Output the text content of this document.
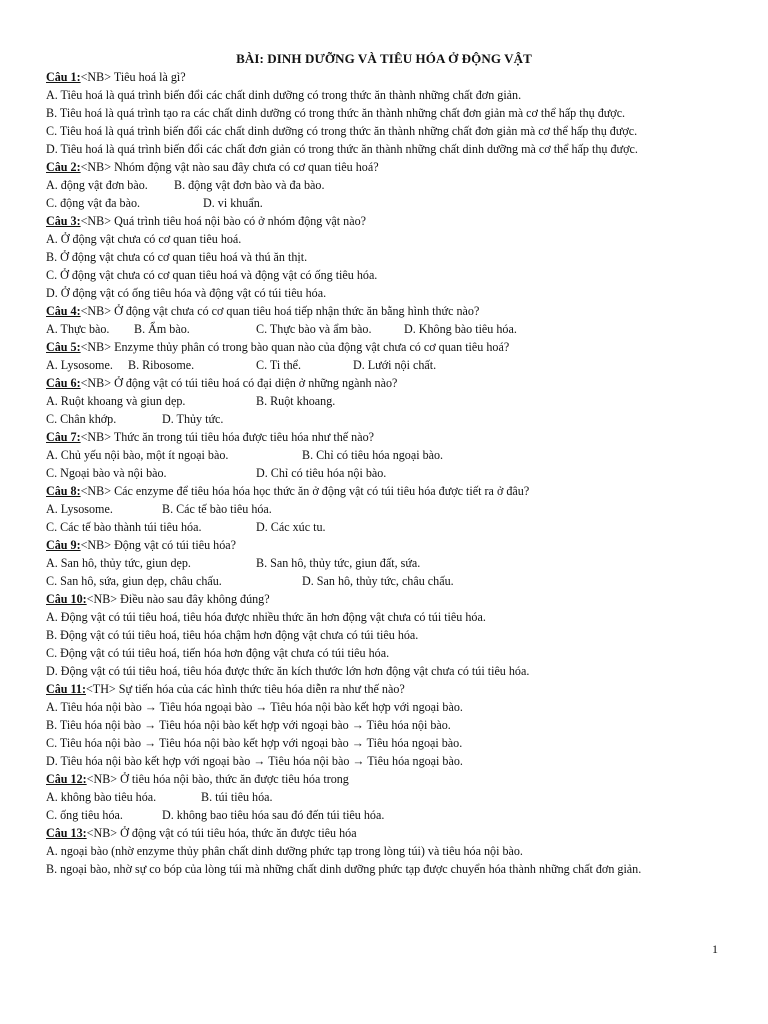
BÀI: DINH DƯỠNG VÀ TIÊU HÓA Ở ĐỘNG VẬT
Câu 1:<NB> Tiêu hoá là gì?
A. Tiêu hoá là quá trình biến đổi các chất dinh dưỡng có trong thức ăn thành những chất đơn giản.
B. Tiêu hoá là quá trình tạo ra các chất dinh dưỡng có trong thức ăn thành những chất đơn giản mà cơ thể hấp thụ được.
C. Tiêu hoá là quá trình biến đổi các chất dinh dưỡng có trong thức ăn thành những chất đơn giản mà cơ thể hấp thụ được.
D. Tiêu hoá là quá trình biến đổi các chất đơn giản có trong thức ăn thành những chất dinh dưỡng mà cơ thể hấp thụ được.
Câu 2:<NB> Nhóm động vật nào sau đây chưa có cơ quan tiêu hoá?
A. động vật đơn bào. B. động vật đơn bào và đa bào.
C. động vật đa bào.	D. vi khuẩn.
Câu 3:<NB> Quá trình tiêu hoá nội bào có ở nhóm động vật nào?
A. Ở động vật chưa có cơ quan tiêu hoá.
B. Ở động vật chưa có cơ quan tiêu hoá và thú ăn thịt.
C. Ở động vật chưa có cơ quan tiêu hoá và động vật có ống tiêu hóa.
D. Ở động vật có ống tiêu hóa và động vật có túi tiêu hóa.
Câu 4:<NB> Ở động vật chưa có cơ quan tiêu hoá tiếp nhận thức ăn bằng hình thức nào?
A. Thực bào. B. Ẩm bào.	C. Thực bào và ẩm bào.	D. Không bào tiêu hóa.
Câu 5:<NB> Enzyme thủy phân có trong bào quan nào của động vật chưa có cơ quan tiêu hoá?
A. Lysosome. B. Ribosome.	C. Ti thể.	D. Lưới nội chất.
Câu 6:<NB> Ở động vật có túi tiêu hoá có đại diện ở những ngành nào?
A. Ruột khoang và giun dẹp.	B. Ruột khoang.
C. Chân khớp.	D. Thủy tức.
Câu 7:<NB> Thức ăn trong túi tiêu hóa được tiêu hóa như thế nào?
A. Chủ yếu nội bào, một ít ngoại bào.	B. Chỉ có tiêu hóa ngoại bào.
C. Ngoại bào và nội bào.	D. Chỉ có tiêu hóa nội bào.
Câu 8:<NB> Các enzyme để tiêu hóa hóa học thức ăn ở động vật có túi tiêu hóa được tiết ra ở đâu?
A. Lysosome.	B. Các tế bào tiêu hóa.
C. Các tế bào thành túi tiêu hóa.	D. Các xúc tu.
Câu 9:<NB> Động vật có túi tiêu hóa?
A. San hô, thủy tức, giun dẹp.	B. San hô, thủy tức, giun đất, sứa.
C. San hô, sứa, giun dẹp, châu chấu.	D. San hô, thủy tức, châu chấu.
Câu 10:<NB> Điều nào sau đây không đúng?
A. Động vật có túi tiêu hoá, tiêu hóa được nhiều thức ăn hơn động vật chưa có túi tiêu hóa.
B. Động vật có túi tiêu hoá, tiêu hóa chậm hơn động vật chưa có túi tiêu hóa.
C. Động vật có túi tiêu hoá, tiến hóa hơn động vật chưa có túi tiêu hóa.
D. Động vật có túi tiêu hoá, tiêu hóa được thức ăn kích thước lớn hơn động vật chưa có túi tiêu hóa.
Câu 11:<TH> Sự tiến hóa của các hình thức tiêu hóa diễn ra như thế nào?
A. Tiêu hóa nội bào → Tiêu hóa ngoại bào → Tiêu hóa nội bào kết hợp với ngoại bào.
B. Tiêu hóa nội bào → Tiêu hóa nội bào kết hợp với ngoại bào → Tiêu hóa nội bào.
C. Tiêu hóa nội bào → Tiêu hóa nội bào kết hợp với ngoại bào → Tiêu hóa ngoại bào.
D. Tiêu hóa nội bào kết hợp với ngoại bào → Tiêu hóa nội bào → Tiêu hóa ngoại bào.
Câu 12:<NB> Ở tiêu hóa nội bào, thức ăn được tiêu hóa trong
A. không bào tiêu hóa.	B. túi tiêu hóa.
C. ống tiêu hóa.	D. không bao tiêu hóa sau đó đến túi tiêu hóa.
Câu 13:<NB> Ở động vật có túi tiêu hóa, thức ăn được tiêu hóa
A. ngoại bào (nhờ enzyme thủy phân chất dinh dưỡng phức tạp trong lòng túi) và tiêu hóa nội bào.
B. ngoại bào, nhờ sự co bóp của lòng túi mà những chất dinh dưỡng phức tạp được chuyển hóa thành những chất đơn giản.
1
